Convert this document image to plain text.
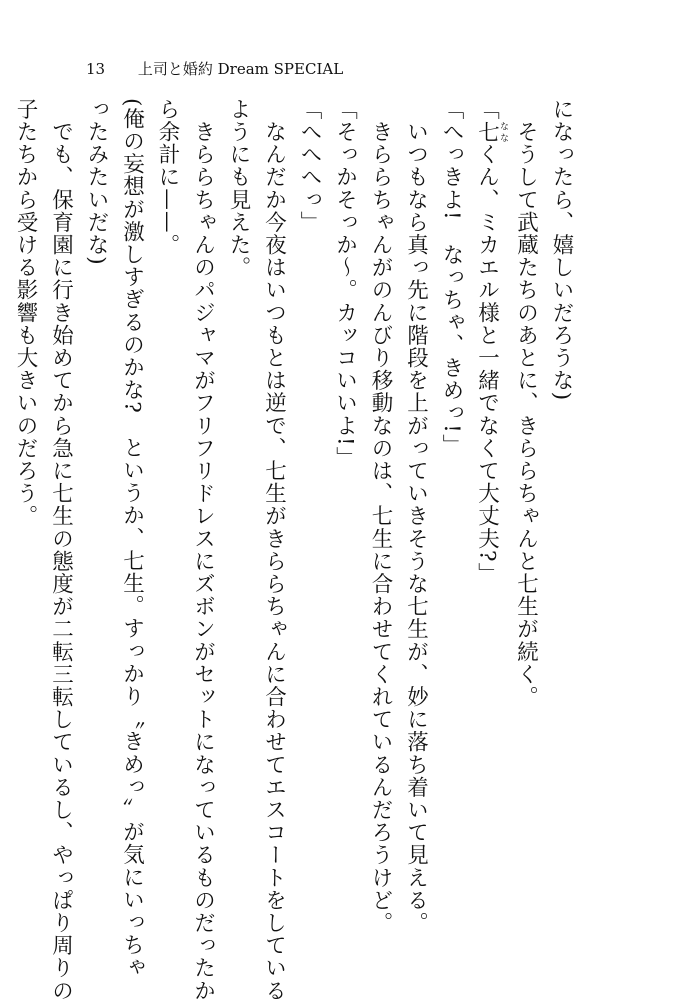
13 上司と婚約 Dream SPECIAL

になったら、嬉しいだろうな)

　そうして武蔵たちのあとに、きららちゃんと七生が続く。

「七ななくん、ミカエル様と一緒でなくて大丈夫?」

「へっきよ!　なっちゃ、きめっ!」

　いつもなら真っ先に階段を上がっていきそうな七生が、妙に落ち着いて見える。

　きららちゃんがのんびり移動なのは、七生に合わせてくれているんだろうけど。

「そっかそっか〜。カッコいいよ!」

「へへへっ」

　なんだか今夜はいつもとは逆で、七生がきららちゃんに合わせてエスコートをしている

ようにも見えた。

　きららちゃんのパジャマがフリフリドレスにズボンがセットになっているものだったか

ら余計に——。

(俺の妄想が激しすぎるのかな?　というか、七生。すっかり〝きめっ〟が気にいっちゃ

ったみたいだな)

　でも、保育園に行き始めてから急に七生の態度が二転三転しているし、やっぱり周りの

子たちから受ける影響も大きいのだろう。
